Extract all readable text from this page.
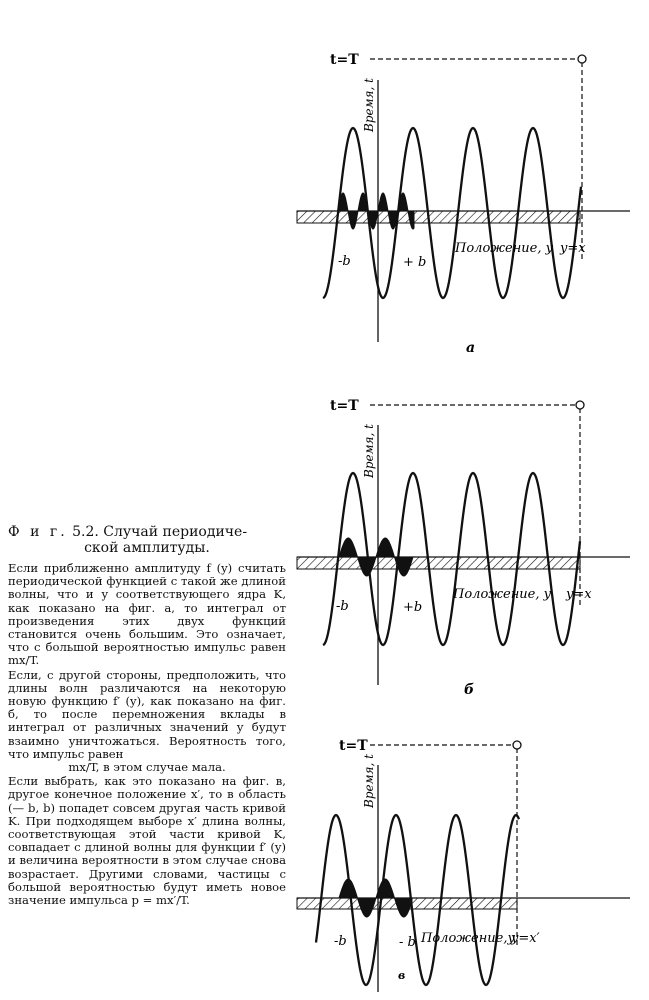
t=T
Время, t
Положение, y y=x
-b	+ b
а
t=T
Время, t
Положение, y y=x
-b	+b
б
t=T
Время, t
Положение,y
y=x′
-b	- b
в

Ф и г. 5.2. Случай периодиче-
ской амплитуды.

Если приближенно амплитуду f (y) считать периодической функцией с такой же длиной волны, что и у соответствующего ядра K, как показано на фиг. а, то интеграл от произведения этих двух функций становится очень большим. Это означает, что с большой вероятностью импульс равен mx/T.

Если, с другой стороны, предположить, что длины волн различаются на некоторую новую функцию f′ (y), как показано на фиг. б, то после перемножения вклады в интеграл от различных значений y будут взаимно уничтожаться. Вероятность того, что импульс равен
mx/T, в этом случае мала.

Если выбрать, как это показано на фиг. в, другое конечное положение x′, то в область (— b, b) попадет совсем другая часть кривой K. При подходящем выборе x′ длина волны, соответствующая этой части кривой K, совпадает с длиной волны для функции f′ (y) и величина вероятности в этом случае снова возрастает. Другими словами, частицы с большой вероятностью будут иметь новое значение импульса p = mx′/T.
